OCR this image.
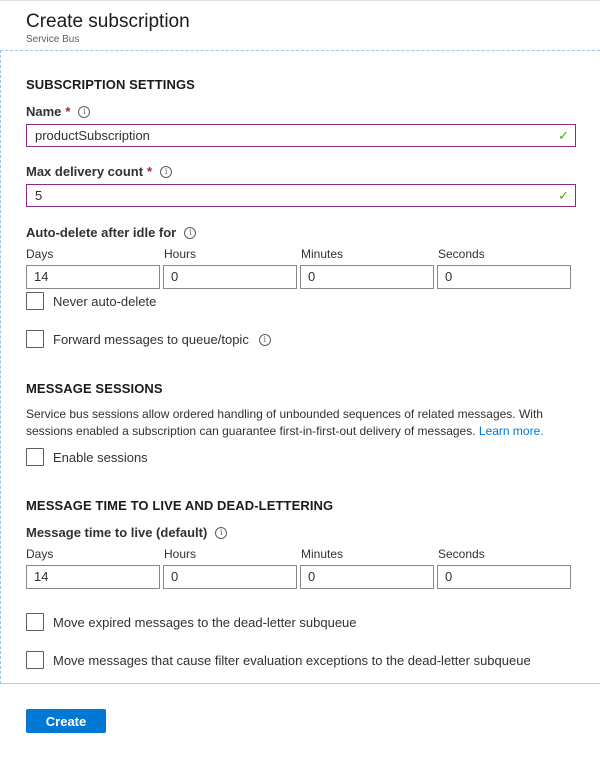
Create subscription
Service Bus
SUBSCRIPTION SETTINGS
Name *	i
productSubscription	✓
Max delivery count *	i
5	✓
Auto-delete after idle for	i
Days	Hours	Minutes	Seconds
14	0	0	0
Never auto-delete
Forward messages to queue/topic	i
MESSAGE SESSIONS
Service bus sessions allow ordered handling of unbounded sequences of related messages. With sessions enabled a subscription can guarantee first-in-first-out delivery of messages. Learn more.
Enable sessions
MESSAGE TIME TO LIVE AND DEAD-LETTERING
Message time to live (default)	i
Days	Hours	Minutes	Seconds
14	0	0	0
Move expired messages to the dead-letter subqueue
Move messages that cause filter evaluation exceptions to the dead-letter subqueue
Create
